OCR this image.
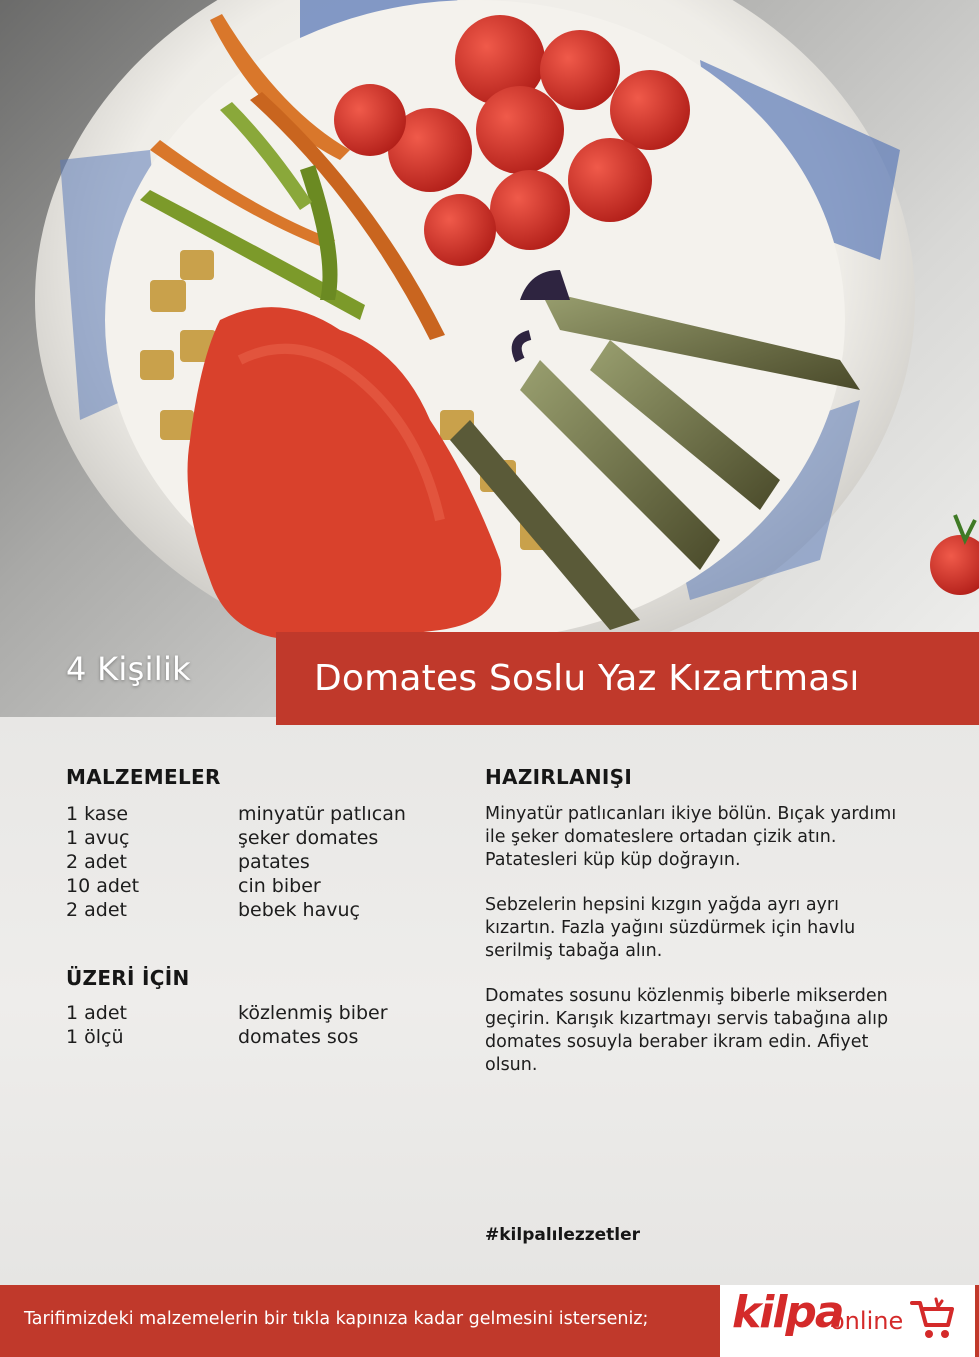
4 Kişilik	Domates Soslu Yaz Kızartması
MALZEMELER
1 kase	minyatür patlıcan
1 avuç	şeker domates
2 adet	patates
10 adet	cin biber
2 adet	bebek havuç
ÜZERİ İÇİN
1 adet	közlenmiş biber
1 ölçü	domates sos
HAZIRLANIŞI

Minyatür patlıcanları ikiye bölün. Bıçak yardımı ile şeker domateslere ortadan çizik atın. Patatesleri küp küp doğrayın.

Sebzelerin hepsini kızgın yağda ayrı ayrı kızartın. Fazla yağını süzdürmek için havlu serilmiş tabağa alın.

Domates sosunu közlenmiş biberle mikserden geçirin. Karışık kızartmayı servis tabağına alıp domates sosuyla beraber ikram edin. Afiyet olsun.

#kilpalılezzetler
Tarifimizdeki malzemelerin bir tıkla kapınıza kadar gelmesini isterseniz; kilpa
online
